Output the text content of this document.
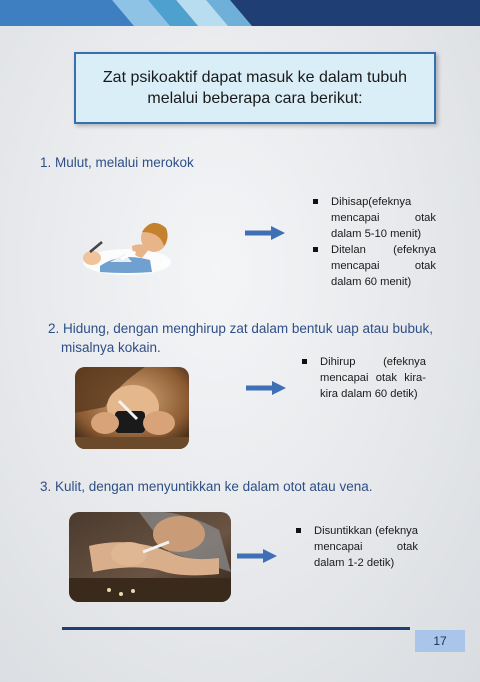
Zat psikoaktif dapat masuk ke dalam tubuh
melalui beberapa cara berikut:
1. Mulut, melalui merokok
Dihisap(efeknya mencapai otak dalam 5-10 menit)
Ditelan (efeknya mencapai otak dalam 60 menit)
2. Hidung, dengan menghirup zat dalam bentuk uap atau bubuk,
misalnya kokain.
Dihirup (efeknya mencapai otak kira-kira dalam 60 detik)
3. Kulit, dengan menyuntikkan ke dalam otot atau vena.
Disuntikkan (efeknya mencapai otak dalam 1-2 detik)
17
